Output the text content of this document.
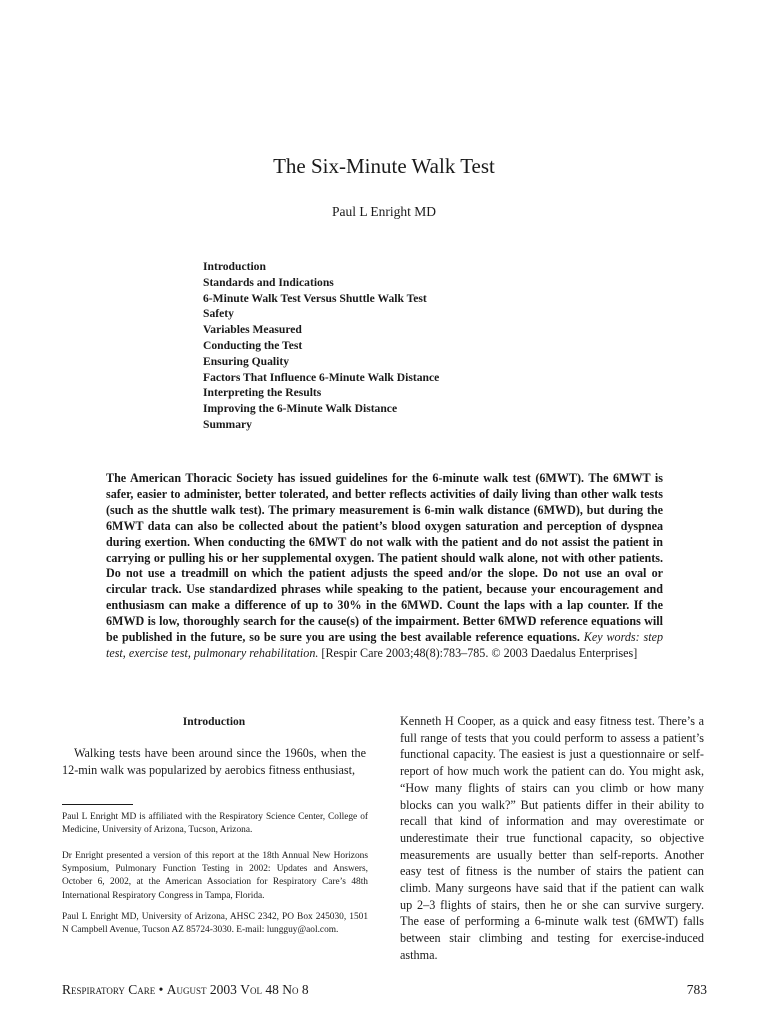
The Six-Minute Walk Test
Paul L Enright MD
Introduction
Standards and Indications
6-Minute Walk Test Versus Shuttle Walk Test
Safety
Variables Measured
Conducting the Test
Ensuring Quality
Factors That Influence 6-Minute Walk Distance
Interpreting the Results
Improving the 6-Minute Walk Distance
Summary

The American Thoracic Society has issued guidelines for the 6-minute walk test (6MWT). The 6MWT is safer, easier to administer, better tolerated, and better reflects activities of daily living than other walk tests (such as the shuttle walk test). The primary measurement is 6-min walk distance (6MWD), but during the 6MWT data can also be collected about the patient’s blood oxygen saturation and perception of dyspnea during exertion. When conducting the 6MWT do not walk with the patient and do not assist the patient in carrying or pulling his or her supplemental oxygen. The patient should walk alone, not with other patients. Do not use a treadmill on which the patient adjusts the speed and/or the slope. Do not use an oval or circular track. Use standardized phrases while speaking to the patient, because your encouragement and enthusiasm can make a difference of up to 30% in the 6MWD. Count the laps with a lap counter. If the 6MWD is low, thoroughly search for the cause(s) of the impairment. Better 6MWD reference equations will be published in the future, so be sure you are using the best available reference equations. Key words: step test, exercise test, pulmonary rehabilitation. [Respir Care 2003;48(8):783–785. © 2003 Daedalus Enterprises]

Introduction

Walking tests have been around since the 1960s, when the 12-min walk was popularized by aerobics fitness enthusiast,

Paul L Enright MD is affiliated with the Respiratory Science Center, College of Medicine, University of Arizona, Tucson, Arizona.

Dr Enright presented a version of this report at the 18th Annual New Horizons Symposium, Pulmonary Function Testing in 2002: Updates and Answers, October 6, 2002, at the American Association for Respiratory Care’s 48th International Respiratory Congress in Tampa, Florida.

Paul L Enright MD, University of Arizona, AHSC 2342, PO Box 245030, 1501 N Campbell Avenue, Tucson AZ 85724-3030. E-mail: lungguy@aol.com.

Kenneth H Cooper, as a quick and easy fitness test. There’s a full range of tests that you could perform to assess a patient’s functional capacity. The easiest is just a questionnaire or self-report of how much work the patient can do. You might ask, “How many flights of stairs can you climb or how many blocks can you walk?” But patients differ in their ability to recall that kind of information and may overestimate or underestimate their true functional capacity, so objective measurements are usually better than self-reports. Another easy test of fitness is the number of stairs the patient can climb. Many surgeons have said that if the patient can walk up 2–3 flights of stairs, then he or she can survive surgery. The ease of performing a 6-minute walk test (6MWT) falls between stair climbing and testing for exercise-induced asthma.

Respiratory Care • August 2003 Vol 48 No 8	783
